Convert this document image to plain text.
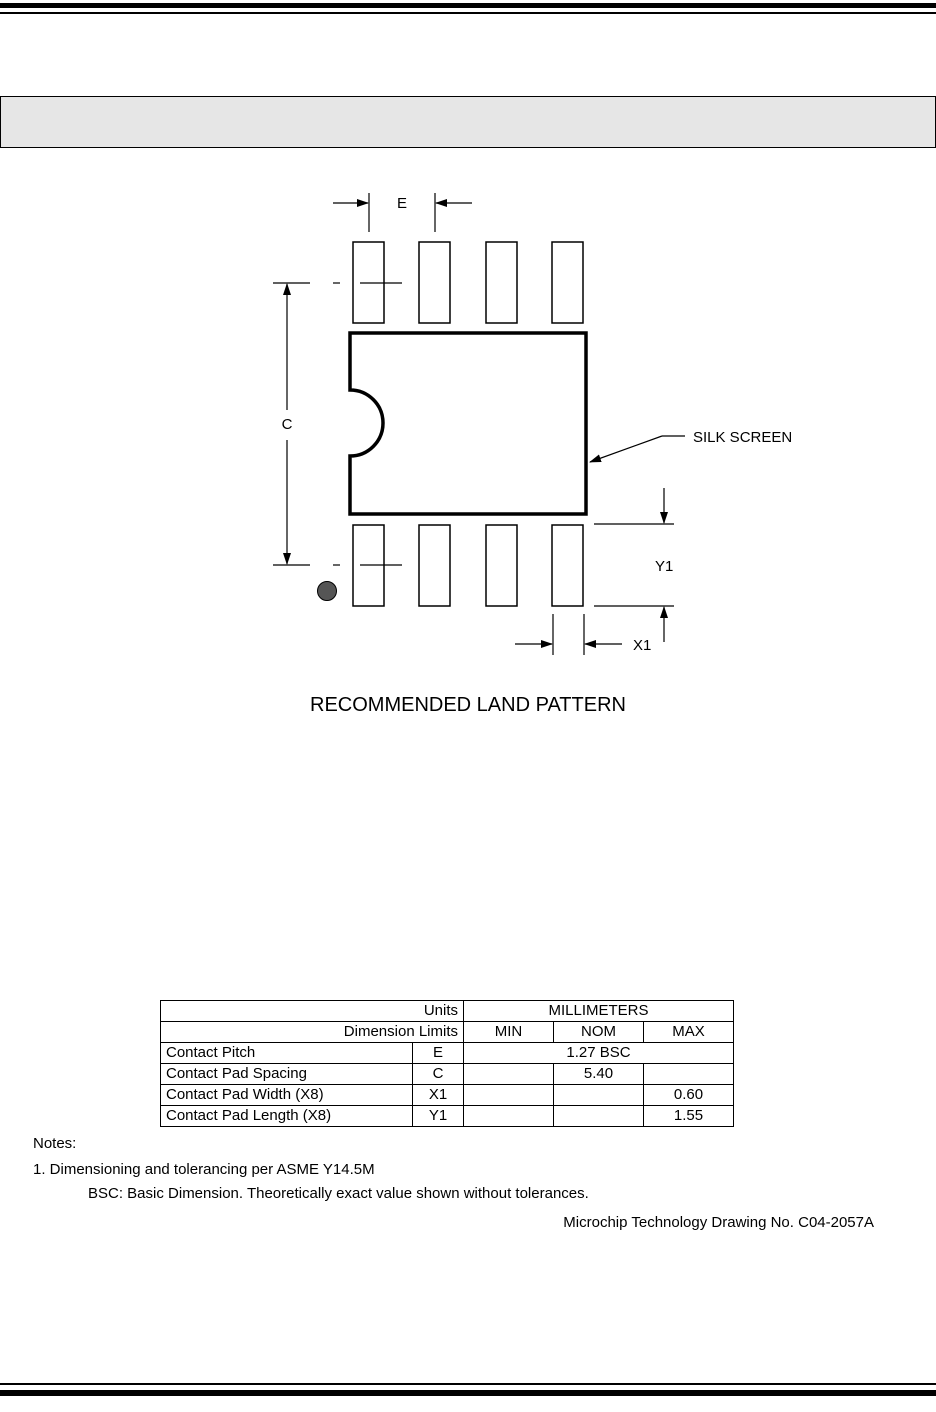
E
C
SILK SCREEN
Y1
X1
RECOMMENDED LAND PATTERN
Units		MILLIMETERS		
Dimension Limits		MIN	NOM	MAX
Contact Pitch	E	1.27 BSC		
Contact Pad Spacing	C		5.40	
Contact Pad Width (X8)	X1			0.60
Contact Pad Length (X8)	Y1			1.55
Notes:
1. Dimensioning and tolerancing per ASME Y14.5M
BSC: Basic Dimension. Theoretically exact value shown without tolerances.
Microchip Technology Drawing No. C04-2057A
